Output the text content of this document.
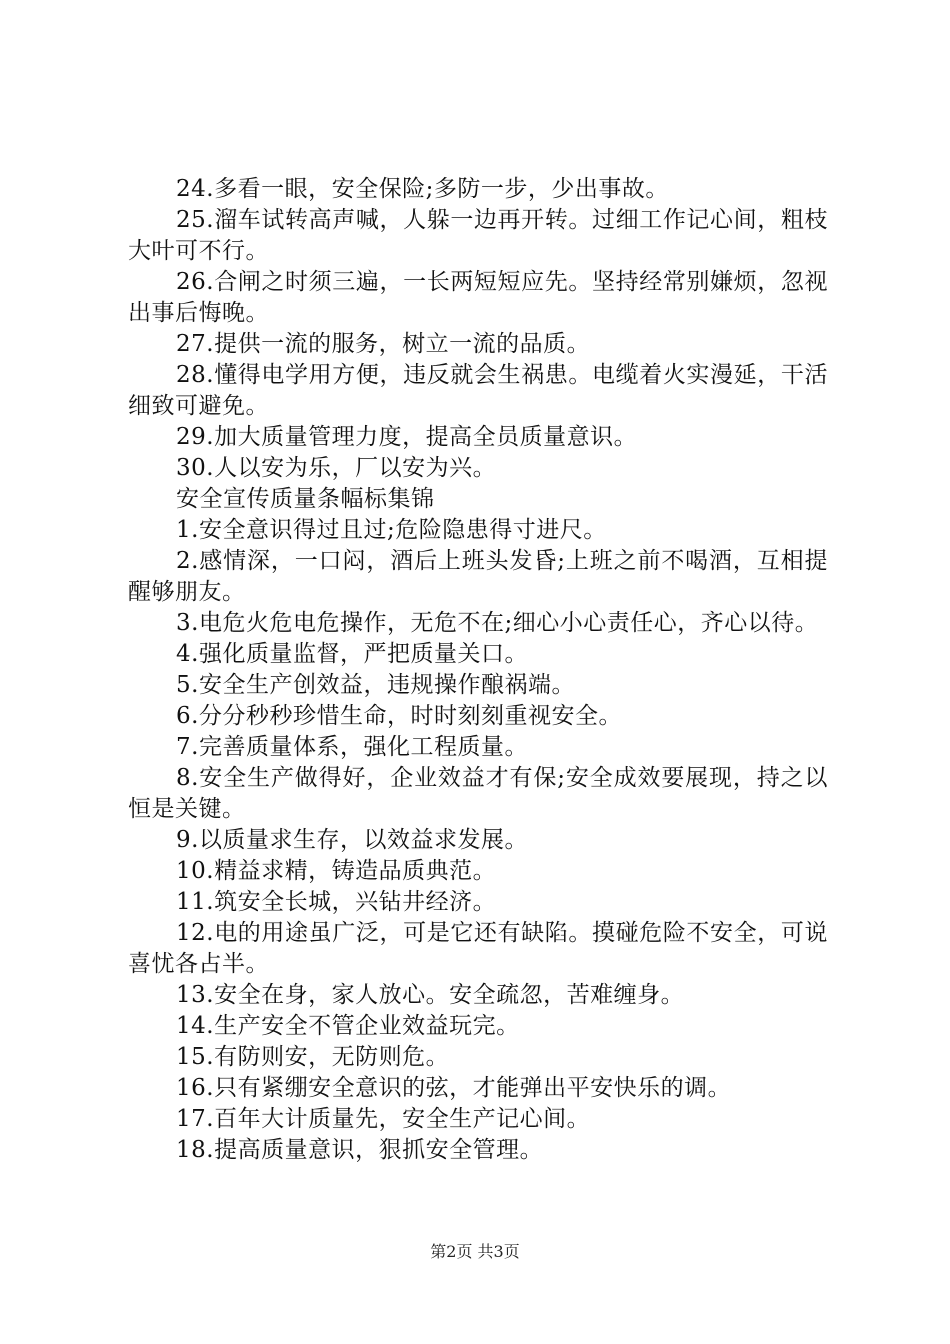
24.多看一眼，安全保险;多防一步，少出事故。

25.溜车试转高声喊，人躲一边再开转。过细工作记心间，粗枝大叶可不行。

26.合闸之时须三遍，一长两短短应先。坚持经常别嫌烦，忽视出事后悔晚。

27.提供一流的服务，树立一流的品质。

28.懂得电学用方便，违反就会生祸患。电缆着火实漫延，干活细致可避免。

29.加大质量管理力度，提高全员质量意识。

30.人以安为乐，厂以安为兴。

安全宣传质量条幅标集锦

1.安全意识得过且过;危险隐患得寸进尺。

2.感情深，一口闷，酒后上班头发昏;上班之前不喝酒，互相提醒够朋友。

3.电危火危电危操作，无危不在;细心小心责任心，齐心以待。

4.强化质量监督，严把质量关口。

5.安全生产创效益，违规操作酿祸端。

6.分分秒秒珍惜生命，时时刻刻重视安全。

7.完善质量体系，强化工程质量。

8.安全生产做得好，企业效益才有保;安全成效要展现，持之以恒是关键。

9.以质量求生存，以效益求发展。

10.精益求精，铸造品质典范。

11.筑安全长城，兴钻井经济。

12.电的用途虽广泛，可是它还有缺陷。摸碰危险不安全，可说喜忧各占半。

13.安全在身，家人放心。安全疏忽，苦难缠身。

14.生产安全不管企业效益玩完。

15.有防则安，无防则危。

16.只有紧绷安全意识的弦，才能弹出平安快乐的调。

17.百年大计质量先，安全生产记心间。

18.提高质量意识，狠抓安全管理。

第2页 共3页
